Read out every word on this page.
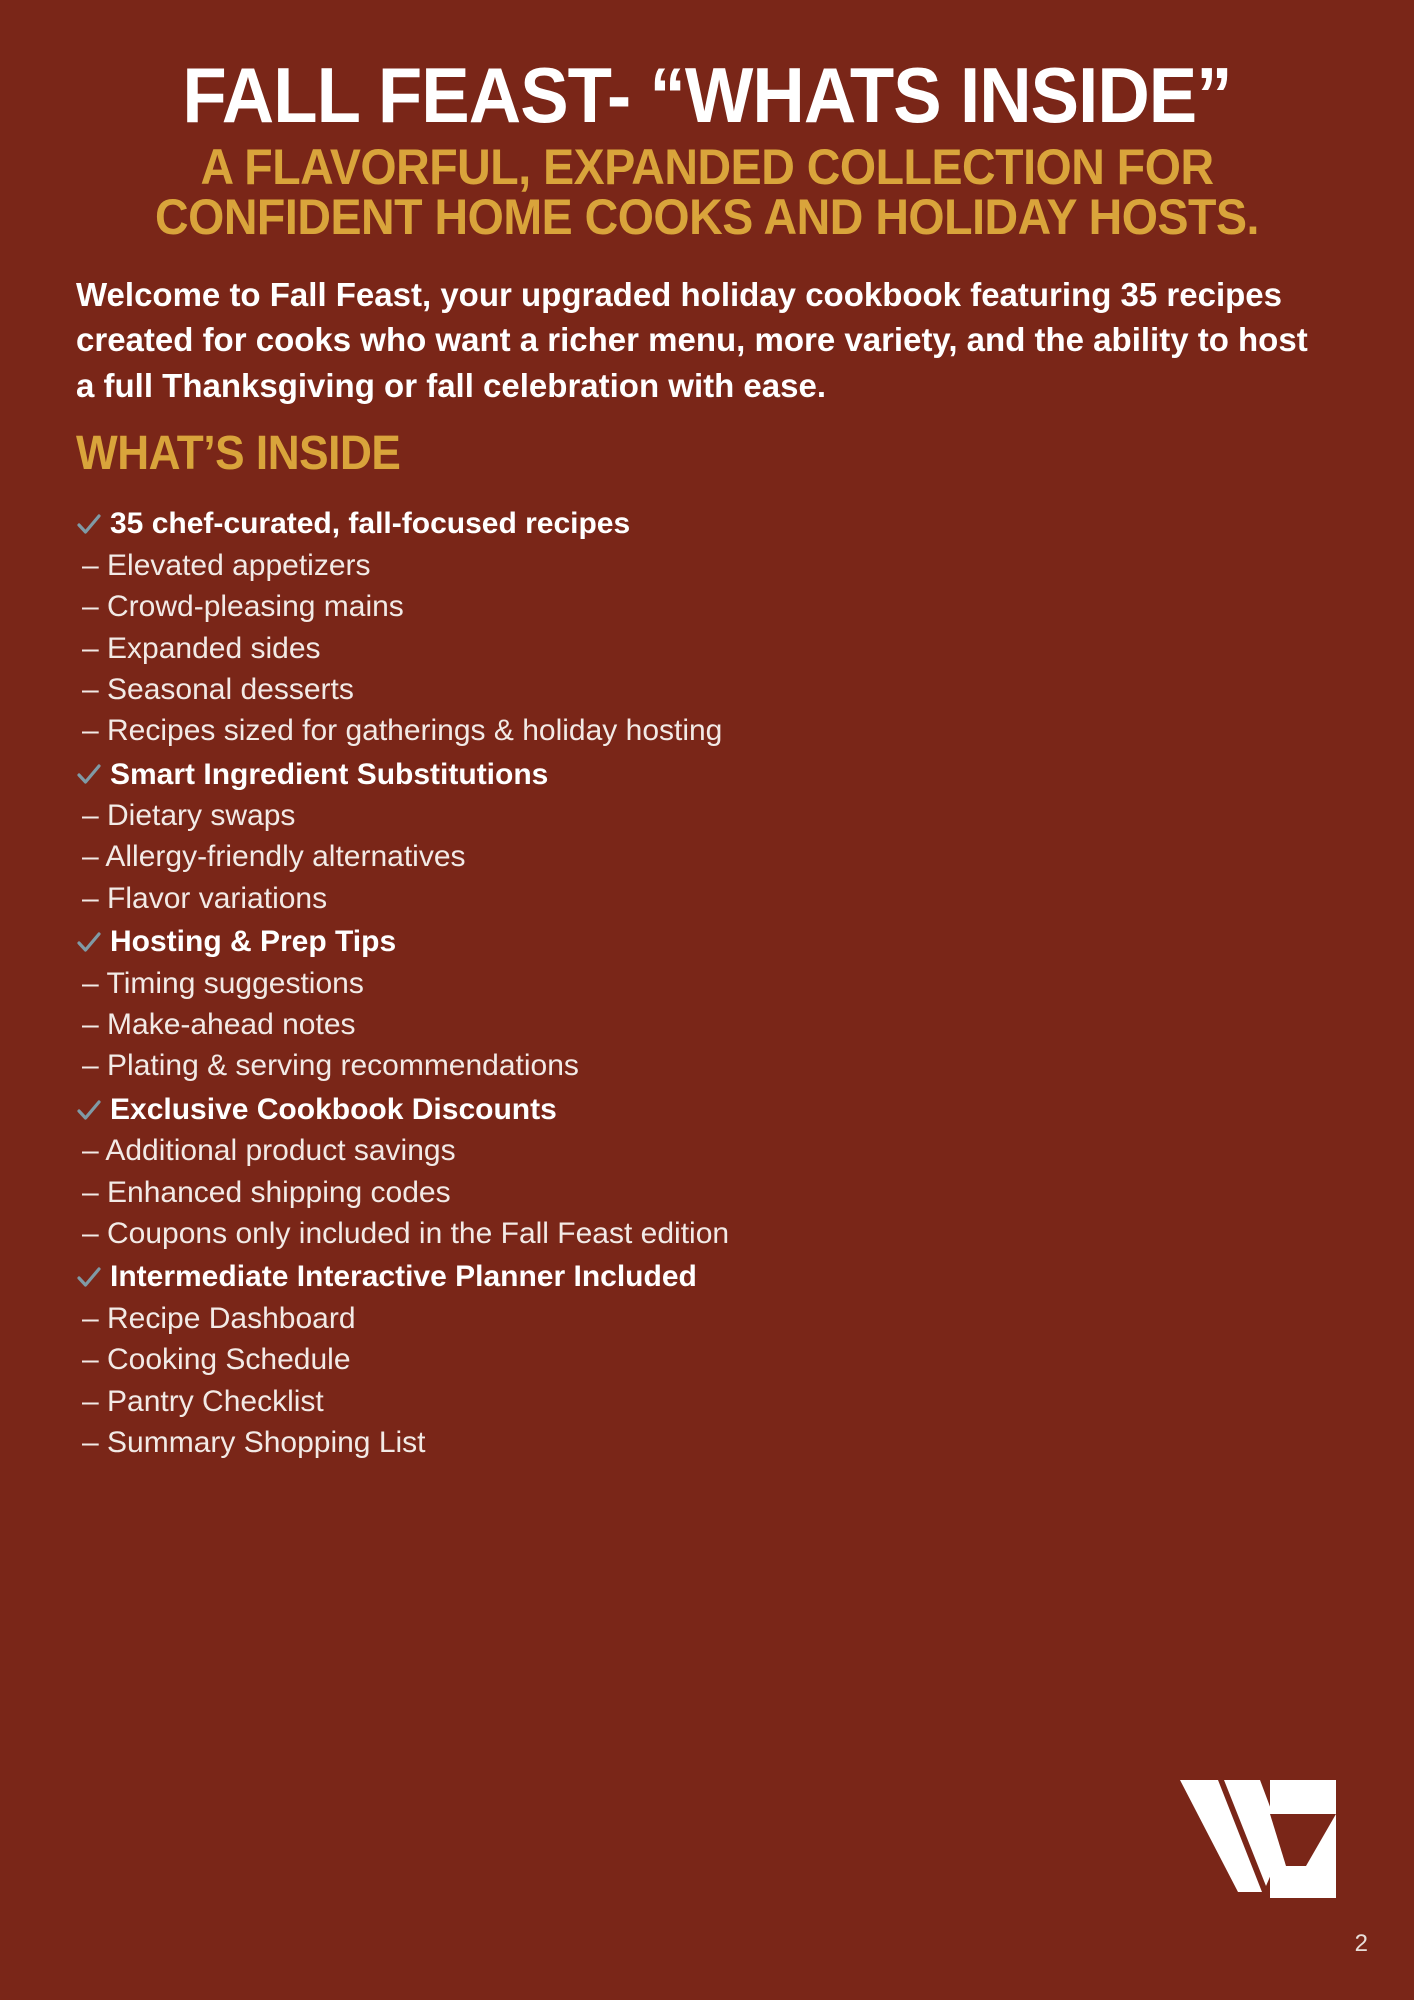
FALL FEAST- “WHATS INSIDE”
A FLAVORFUL, EXPANDED COLLECTION FOR CONFIDENT HOME COOKS AND HOLIDAY HOSTS.

Welcome to Fall Feast, your upgraded holiday cookbook featuring 35 recipes created for cooks who want a richer menu, more variety, and the ability to host a full Thanksgiving or fall celebration with ease.

WHAT’S INSIDE
35 chef-curated, fall-focused recipes
– Elevated appetizers
– Crowd-pleasing mains
– Expanded sides
– Seasonal desserts
– Recipes sized for gatherings & holiday hosting
Smart Ingredient Substitutions
– Dietary swaps
– Allergy-friendly alternatives
– Flavor variations
Hosting & Prep Tips
– Timing suggestions
– Make-ahead notes
– Plating & serving recommendations
Exclusive Cookbook Discounts
– Additional product savings
– Enhanced shipping codes
– Coupons only included in the Fall Feast edition
Intermediate Interactive Planner Included
– Recipe Dashboard
– Cooking Schedule
– Pantry Checklist
– Summary Shopping List
2
